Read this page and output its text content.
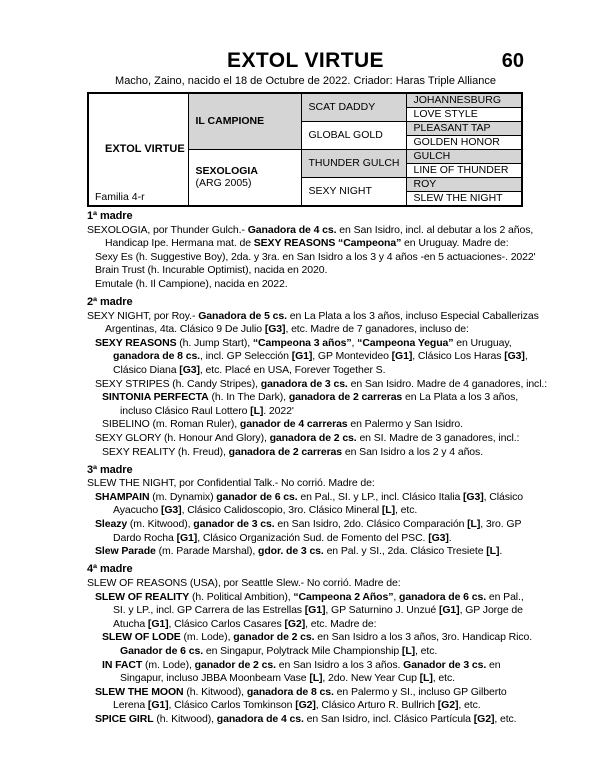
EXTOL VIRTUE	60
Macho, Zaino, nacido el 18 de Octubre de 2022. Criador: Haras Triple Alliance
EXTOL VIRTUE
Familia 4-r	IL CAMPIONE	SCAT DADDY	JOHANNESBURG
			LOVE STYLE
		GLOBAL GOLD	PLEASANT TAP
			GOLDEN HONOR

	SEXOLOGIA
(ARG 2005)	THUNDER GULCH	GULCH
			LINE OF THUNDER
		SEXY NIGHT	ROY
			SLEW THE NIGHT
1ª madre
SEXOLOGIA, por Thunder Gulch.- Ganadora de 4 cs. en San Isidro, incl. al debutar a los 2 años,
Handicap Ipe. Hermana mat. de SEXY REASONS “Campeona” en Uruguay. Madre de:
Sexy Es (h. Suggestive Boy), 2da. y 3ra. en San Isidro a los 3 y 4 años -en 5 actuaciones-. 2022'
Brain Trust (h. Incurable Optimist), nacida en 2020.
Emutale (h. Il Campione), nacida en 2022.
2ª madre
SEXY NIGHT, por Roy.- Ganadora de 5 cs. en La Plata a los 3 años, incluso Especial Caballerizas
Argentinas, 4ta. Clásico 9 De Julio [G3], etc. Madre de 7 ganadores, incluso de:
SEXY REASONS (h. Jump Start), “Campeona 3 años”, “Campeona Yegua” en Uruguay,
ganadora de 8 cs., incl. GP Selección [G1], GP Montevideo [G1], Clásico Los Haras [G3],
Clásico Diana [G3], etc. Placé en USA, Forever Together S.
SEXY STRIPES (h. Candy Stripes), ganadora de 3 cs. en San Isidro. Madre de 4 ganadores, incl.:
SINTONIA PERFECTA (h. In The Dark), ganadora de 2 carreras en La Plata a los 3 años,
incluso Clásico Raul Lottero [L]. 2022'
SIBELINO (m. Roman Ruler), ganador de 4 carreras en Palermo y San Isidro.
SEXY GLORY (h. Honour And Glory), ganadora de 2 cs. en SI. Madre de 3 ganadores, incl.:
SEXY REALITY (h. Freud), ganadora de 2 carreras en San Isidro a los 2 y 4 años.
3ª madre
SLEW THE NIGHT, por Confidential Talk.- No corrió. Madre de:
SHAMPAIN (m. Dynamix) ganador de 6 cs. en Pal., SI. y LP., incl. Clásico Italia [G3], Clásico
Ayacucho [G3], Clásico Calidoscopio, 3ro. Clásico Mineral [L], etc.
Sleazy (m. Kitwood), ganador de 3 cs. en San Isidro, 2do. Clásico Comparación [L], 3ro. GP
Dardo Rocha [G1], Clásico Organización Sud. de Fomento del PSC. [G3].
Slew Parade (m. Parade Marshal), gdor. de 3 cs. en Pal. y SI., 2da. Clásico Tresiete [L].
4ª madre
SLEW OF REASONS (USA), por Seattle Slew.- No corrió. Madre de:
SLEW OF REALITY (h. Political Ambition), “Campeona 2 Años”, ganadora de 6 cs. en Pal.,
SI. y LP., incl. GP Carrera de las Estrellas [G1], GP Saturnino J. Unzué [G1], GP Jorge de
Atucha [G1], Clásico Carlos Casares [G2], etc. Madre de:
SLEW OF LODE (m. Lode), ganador de 2 cs. en San Isidro a los 3 años, 3ro. Handicap Rico.
Ganador de 6 cs. en Singapur, Polytrack Mile Championship [L], etc.
IN FACT (m. Lode), ganador de 2 cs. en San Isidro a los 3 años. Ganador de 3 cs. en
Singapur, incluso JBBA Moonbeam Vase [L], 2do. New Year Cup [L], etc.
SLEW THE MOON (h. Kitwood), ganadora de 8 cs. en Palermo y SI., incluso GP Gilberto
Lerena [G1], Clásico Carlos Tomkinson [G2], Clásico Arturo R. Bullrich [G2], etc.
SPICE GIRL (h. Kitwood), ganadora de 4 cs. en San Isidro, incl. Clásico Partícula [G2], etc.
